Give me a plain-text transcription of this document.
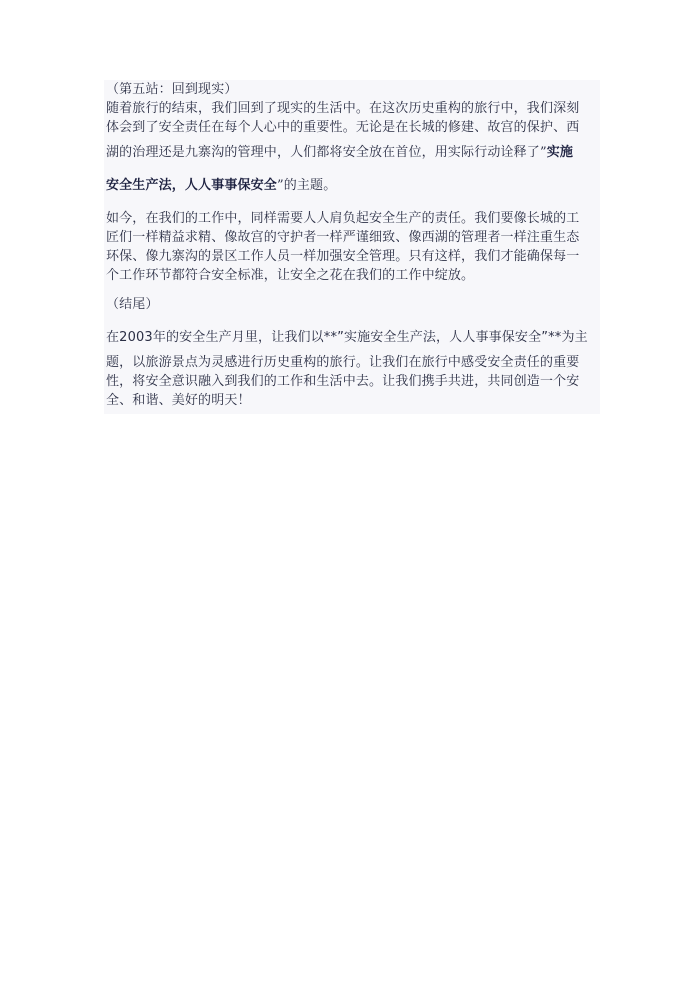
（第五站：回到现实）
随着旅行的结束，我们回到了现实的生活中。在这次历史重构的旅行中，我们深刻
体会到了安全责任在每个人心中的重要性。无论是在长城的修建、故宫的保护、西
湖的治理还是九寨沟的管理中，人们都将安全放在首位，用实际行动诠释了”实施
安全生产法，人人事事保安全”的主题。
如今，在我们的工作中，同样需要人人肩负起安全生产的责任。我们要像长城的工
匠们一样精益求精、像故宫的守护者一样严谨细致、像西湖的管理者一样注重生态
环保、像九寨沟的景区工作人员一样加强安全管理。只有这样，我们才能确保每一
个工作环节都符合安全标准，让安全之花在我们的工作中绽放。
（结尾）
在2003年的安全生产月里，让我们以**”实施安全生产法，人人事事保安全”**为主
题，以旅游景点为灵感进行历史重构的旅行。让我们在旅行中感受安全责任的重要
性，将安全意识融入到我们的工作和生活中去。让我们携手共进，共同创造一个安
全、和谐、美好的明天！
